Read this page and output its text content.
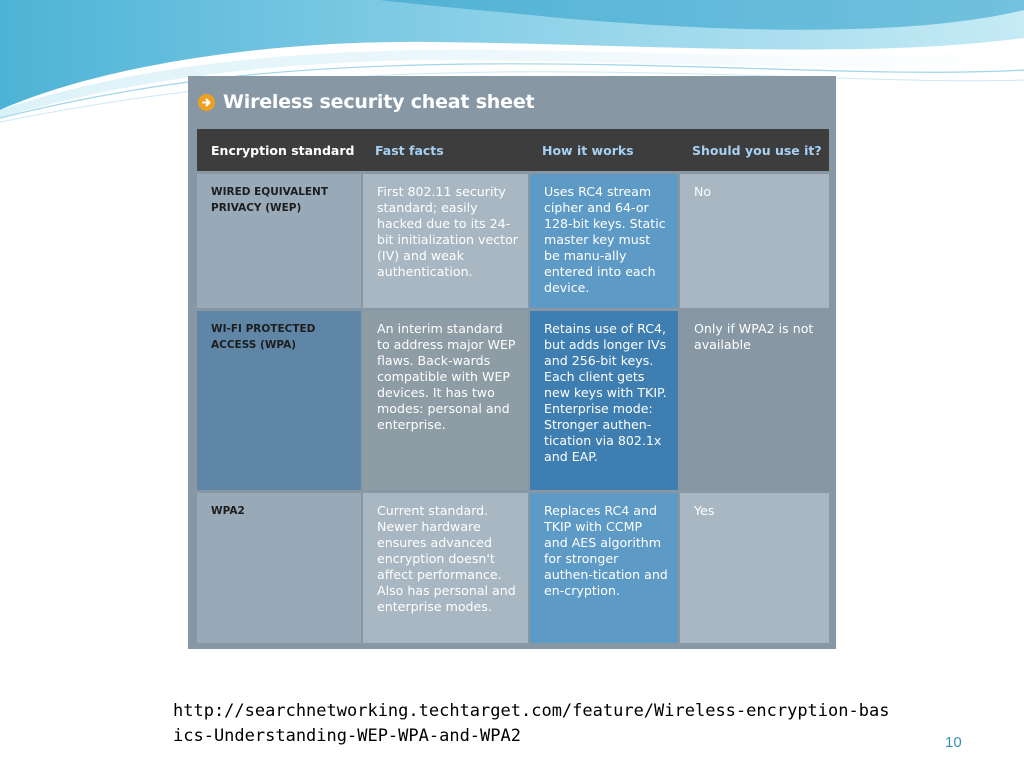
Wireless security cheat sheet
Encryption standard	Fast facts	How it works	Should you use it?
WIRED EQUIVALENT PRIVACY (WEP)	First 802.11 security standard; easily hacked due to its 24-bit initialization vector (IV) and weak authentication.	Uses RC4 stream cipher and 64-or 128-bit keys. Static master key must be manu-ally entered into each device.	No
WI-FI PROTECTED ACCESS (WPA)	An interim standard to address major WEP flaws. Back-wards compatible with WEP devices. It has two modes: personal and enterprise.	Retains use of RC4, but adds longer IVs and 256-bit keys. Each client gets new keys with TKIP. Enterprise mode: Stronger authen-tication via 802.1x and EAP.	Only if WPA2 is not available
WPA2	Current standard. Newer hardware ensures advanced encryption doesn't affect performance. Also has personal and enterprise modes.	Replaces RC4 and TKIP with CCMP and AES algorithm for stronger authen-tication and en-cryption.	Yes
http://searchnetworking.techtarget.com/feature/Wireless-encryption-basics-Understanding-WEP-WPA-and-WPA2	10
